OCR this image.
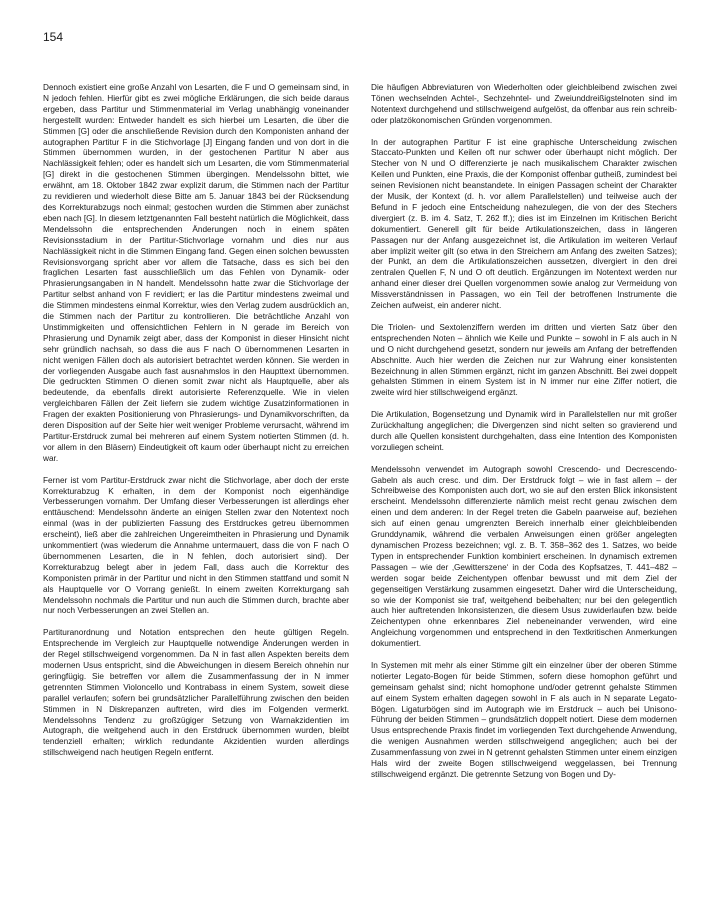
154

Dennoch existiert eine große Anzahl von Lesarten, die F und O gemeinsam sind, in N jedoch fehlen. Hierfür gibt es zwei mögliche Erklärungen, die sich beide daraus ergeben, dass Partitur und Stimmenmaterial im Verlag unabhängig voneinander hergestellt wurden: Entweder handelt es sich hierbei um Lesarten, die über die Stimmen [G] oder die anschließende Revision durch den Komponisten anhand der autographen Partitur F in die Stichvorlage [J] Eingang fanden und von dort in die Stimmen übernommen wurden, in der gestochenen Partitur N aber aus Nachlässigkeit fehlen; oder es handelt sich um Lesarten, die vom Stimmenmaterial [G] direkt in die gestochenen Stimmen übergingen. Mendelssohn bittet, wie erwähnt, am 18. Oktober 1842 zwar explizit darum, die Stimmen nach der Partitur zu revidieren und wiederholt diese Bitte am 5. Januar 1843 bei der Rücksendung des Korrekturabzugs noch einmal; gestochen wurden die Stimmen aber zunächst eben nach [G]. In diesem letztgenannten Fall besteht natürlich die Möglichkeit, dass Mendelssohn die entsprechenden Änderungen noch in einem späten Revisionsstadium in der Partitur-Stichvorlage vornahm und dies nur aus Nachlässigkeit nicht in die Stimmen Eingang fand. Gegen einen solchen bewussten Revisionsvorgang spricht aber vor allem die Tatsache, dass es sich bei den fraglichen Lesarten fast ausschließlich um das Fehlen von Dynamik- oder Phrasierungsangaben in N handelt. Mendelssohn hatte zwar die Stichvorlage der Partitur selbst anhand von F revidiert; er las die Partitur mindestens zweimal und die Stimmen mindestens einmal Korrektur, wies den Verlag zudem ausdrücklich an, die Stimmen nach der Partitur zu kontrollieren. Die beträchtliche Anzahl von Unstimmigkeiten und offensichtlichen Fehlern in N gerade im Bereich von Phrasierung und Dynamik zeigt aber, dass der Komponist in dieser Hinsicht nicht sehr gründlich nachsah, so dass die aus F nach O übernommenen Lesarten in nicht wenigen Fällen doch als autorisiert betrachtet werden können. Sie werden in der vorliegenden Ausgabe auch fast ausnahmslos in den Haupttext übernommen. Die gedruckten Stimmen O dienen somit zwar nicht als Hauptquelle, aber als bedeutende, da ebenfalls direkt autorisierte Referenzquelle. Wie in vielen vergleichbaren Fällen der Zeit liefern sie zudem wichtige Zusatzinformationen in Fragen der exakten Positionierung von Phrasierungs- und Dynamikvorschriften, da deren Disposition auf der Seite hier weit weniger Probleme verursacht, während im Partitur-Erstdruck zumal bei mehreren auf einem System notierten Stimmen (d. h. vor allem in den Bläsern) Eindeutigkeit oft kaum oder überhaupt nicht zu erreichen war.

Ferner ist vom Partitur-Erstdruck zwar nicht die Stichvorlage, aber doch der erste Korrekturabzug K erhalten, in dem der Komponist noch eigenhändige Verbesserungen vornahm. Der Umfang dieser Verbesserungen ist allerdings eher enttäuschend: Mendelssohn änderte an einigen Stellen zwar den Notentext noch einmal (was in der publizierten Fassung des Erstdruckes getreu übernommen erscheint), ließ aber die zahlreichen Ungereimtheiten in Phrasierung und Dynamik unkommentiert (was wiederum die Annahme untermauert, dass die von F nach O übernommenen Lesarten, die in N fehlen, doch autorisiert sind). Der Korrekturabzug belegt aber in jedem Fall, dass auch die Korrektur des Komponisten primär in der Partitur und nicht in den Stimmen stattfand und somit N als Hauptquelle vor O Vorrang genießt. In einem zweiten Korrekturgang sah Mendelssohn nochmals die Partitur und nun auch die Stimmen durch, brachte aber nur noch Verbesserungen an zwei Stellen an.

Partituranordnung und Notation entsprechen den heute gültigen Regeln. Entsprechende im Vergleich zur Hauptquelle notwendige Änderungen werden in der Regel stillschweigend vorgenommen. Da N in fast allen Aspekten bereits dem modernen Usus entspricht, sind die Abweichungen in diesem Bereich ohnehin nur geringfügig. Sie betreffen vor allem die Zusammenfassung der in N immer getrennten Stimmen Violoncello und Kontrabass in einem System, soweit diese parallel verlaufen; sofern bei grundsätzlicher Parallelführung zwischen den beiden Stimmen in N Diskrepanzen auftreten, wird dies im Folgenden vermerkt. Mendelssohns Tendenz zu großzügiger Setzung von Warnakzidentien im Autograph, die weitgehend auch in den Erstdruck übernommen wurden, bleibt tendenziell erhalten; wirklich redundante Akzidentien wurden allerdings stillschweigend nach heutigen Regeln entfernt.

Die häufigen Abbreviaturen von Wiederholten oder gleichbleibend zwischen zwei Tönen wechselnden Achtel-, Sechzehntel- und Zweiunddreißigstelnoten sind im Notentext durchgehend und stillschweigend aufgelöst, da offenbar aus rein schreib- oder platzökonomischen Gründen vorgenommen.

In der autographen Partitur F ist eine graphische Unterscheidung zwischen Staccato-Punkten und Keilen oft nur schwer oder überhaupt nicht möglich. Der Stecher von N und O differenzierte je nach musikalischem Charakter zwischen Keilen und Punkten, eine Praxis, die der Komponist offenbar gutheiß, zumindest bei seinen Revisionen nicht beanstandete. In einigen Passagen scheint der Charakter der Musik, der Kontext (d. h. vor allem Parallelstellen) und teilweise auch der Befund in F jedoch eine Entscheidung nahezulegen, die von der des Stechers divergiert (z. B. im 4. Satz, T. 262 ff.); dies ist im Einzelnen im Kritischen Bericht dokumentiert. Generell gilt für beide Artikulationszeichen, dass in längeren Passagen nur der Anfang ausgezeichnet ist, die Artikulation im weiteren Verlauf aber implizit weiter gilt (so etwa in den Streichern am Anfang des zweiten Satzes); der Punkt, an dem die Artikulationszeichen aussetzen, divergiert in den drei zentralen Quellen F, N und O oft deutlich. Ergänzungen im Notentext werden nur anhand einer dieser drei Quellen vorgenommen sowie analog zur Vermeidung von Missverständnissen in Passagen, wo ein Teil der betroffenen Instrumente die Zeichen aufweist, ein anderer nicht.

Die Triolen- und Sextolenziffern werden im dritten und vierten Satz über den entsprechenden Noten – ähnlich wie Keile und Punkte – sowohl in F als auch in N und O nicht durchgehend gesetzt, sondern nur jeweils am Anfang der betreffenden Abschnitte. Auch hier werden die Zeichen nur zur Wahrung einer konsistenten Bezeichnung in allen Stimmen ergänzt, nicht im ganzen Abschnitt. Bei zwei doppelt gehalsten Stimmen in einem System ist in N immer nur eine Ziffer notiert, die zweite wird hier stillschweigend ergänzt.

Die Artikulation, Bogensetzung und Dynamik wird in Parallelstellen nur mit großer Zurückhaltung angeglichen; die Divergenzen sind nicht selten so gravierend und durch alle Quellen konsistent durchgehalten, dass eine Intention des Komponisten vorzuliegen scheint.

Mendelssohn verwendet im Autograph sowohl Crescendo- und Decrescendo-Gabeln als auch cresc. und dim. Der Erstdruck folgt – wie in fast allem – der Schreibweise des Komponisten auch dort, wo sie auf den ersten Blick inkonsistent erscheint. Mendelssohn differenzierte nämlich meist recht genau zwischen dem einen und dem anderen: In der Regel treten die Gabeln paarweise auf, beziehen sich auf einen genau umgrenzten Bereich innerhalb einer gleichbleibenden Grunddynamik, während die verbalen Anweisungen einen größer angelegten dynamischen Prozess bezeichnen; vgl. z. B. T. 358–362 des 1. Satzes, wo beide Typen in entsprechender Funktion kombiniert erscheinen. In dynamisch extremen Passagen – wie der ‚Gewitterszene‘ in der Coda des Kopfsatzes, T. 441–482 – werden sogar beide Zeichentypen offenbar bewusst und mit dem Ziel der gegenseitigen Verstärkung zusammen eingesetzt. Daher wird die Unterscheidung, so wie der Komponist sie traf, weitgehend beibehalten; nur bei den gelegentlich auch hier auftretenden Inkonsistenzen, die diesem Usus zuwiderlaufen bzw. beide Zeichentypen ohne erkennbares Ziel nebeneinander verwenden, wird eine Angleichung vorgenommen und entsprechend in den Textkritischen Anmerkungen dokumentiert.

In Systemen mit mehr als einer Stimme gilt ein einzelner über der oberen Stimme notierter Legato-Bogen für beide Stimmen, sofern diese homophon geführt und gemeinsam gehalst sind; nicht homophone und/oder getrennt gehalste Stimmen auf einem System erhalten dagegen sowohl in F als auch in N separate Legato-Bögen. Ligaturbögen sind im Autograph wie im Erstdruck – auch bei Unisono-Führung der beiden Stimmen – grundsätzlich doppelt notiert. Diese dem modernen Usus entsprechende Praxis findet im vorliegenden Text durchgehende Anwendung, die wenigen Ausnahmen werden stillschweigend angeglichen; auch bei der Zusammenfassung von zwei in N getrennt gehalsten Stimmen unter einem einzigen Hals wird der zweite Bogen stillschweigend weggelassen, bei Trennung stillschweigend ergänzt. Die getrennte Setzung von Bogen und Dy-
